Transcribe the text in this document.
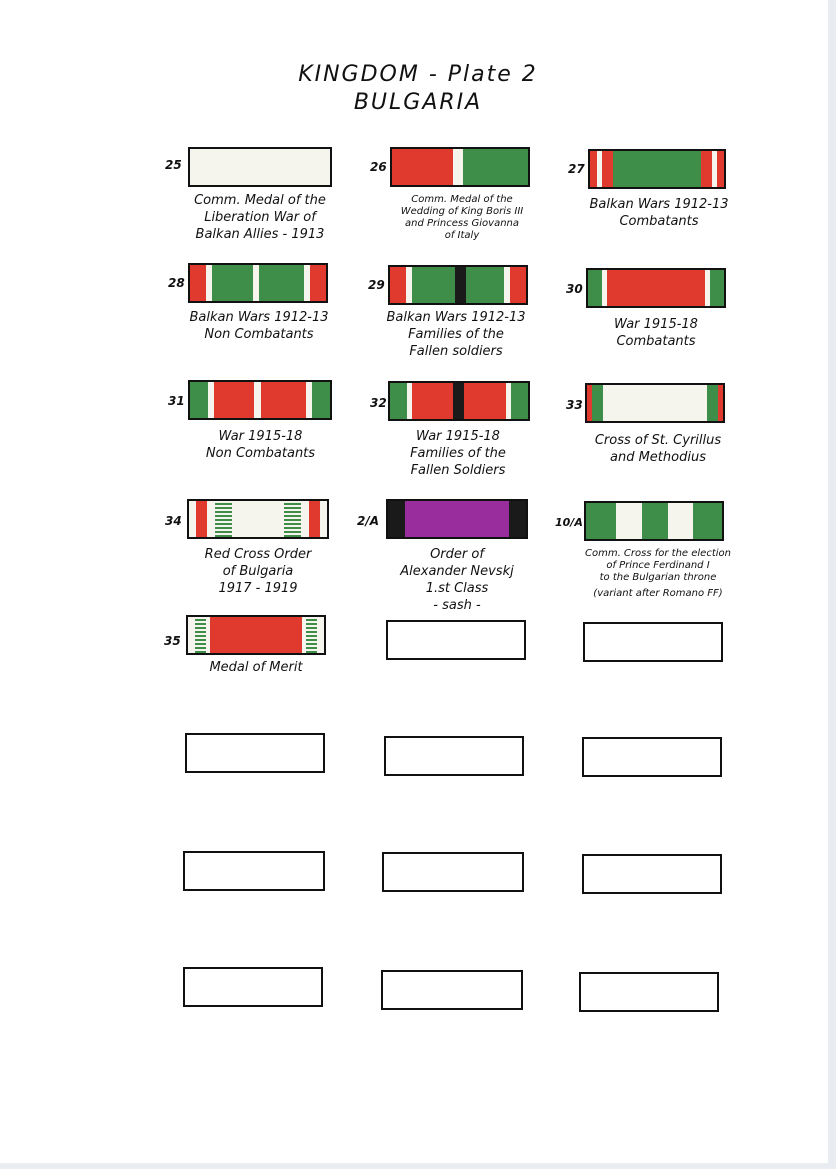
KINGDOM - Plate 2
BULGARIA
25
Comm. Medal of the
Liberation War of
Balkan Allies - 1913
26
Comm. Medal of the
Wedding of King Boris III
and Princess Giovanna
of Italy
27
Balkan Wars 1912-13
Combatants
28
Balkan Wars 1912-13
Non Combatants
29
Balkan Wars 1912-13
Families of the
Fallen soldiers
30
War 1915-18
Combatants
31
War 1915-18
Non Combatants
32
War 1915-18
Families of the
Fallen Soldiers
33
Cross of St. Cyrillus
and Methodius
34
Red Cross Order
of Bulgaria
1917 - 1919
2/A
Order of
Alexander Nevskj
1.st Class
- sash -
10/A
Comm. Cross for the election
of Prince Ferdinand I
to the Bulgarian throne
(variant after Romano FF)
35
Medal of Merit
